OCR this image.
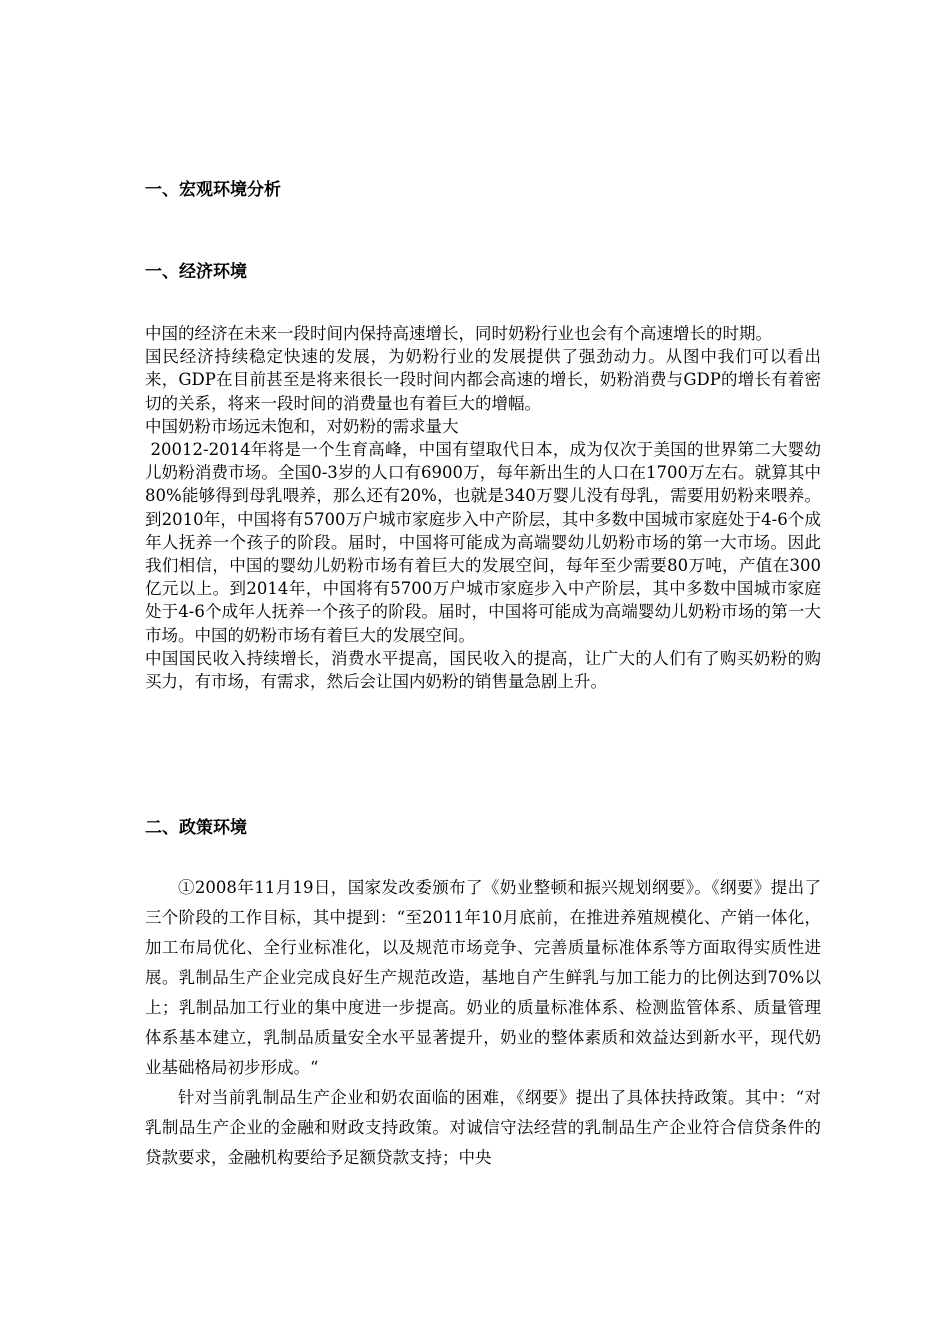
一、宏观环境分析
一、经济环境

中国的经济在未来一段时间内保持高速增长，同时奶粉行业也会有个高速增长的时期。

国民经济持续稳定快速的发展，为奶粉行业的发展提供了强劲动力。从图中我们可以看出来，GDP在目前甚至是将来很长一段时间内都会高速的增长，奶粉消费与GDP的增长有着密切的关系，将来一段时间的消费量也有着巨大的增幅。

中国奶粉市场远未饱和，对奶粉的需求量大

20012-2014年将是一个生育高峰，中国有望取代日本，成为仅次于美国的世界第二大婴幼儿奶粉消费市场。全国0-3岁的人口有6900万，每年新出生的人口在1700万左右。就算其中80%能够得到母乳喂养，那么还有20%，也就是340万婴儿没有母乳，需要用奶粉来喂养。到2010年，中国将有5700万户城市家庭步入中产阶层，其中多数中国城市家庭处于4-6个成年人抚养一个孩子的阶段。届时，中国将可能成为高端婴幼儿奶粉市场的第一大市场。因此我们相信，中国的婴幼儿奶粉市场有着巨大的发展空间，每年至少需要80万吨，产值在300亿元以上。到2014年，中国将有5700万户城市家庭步入中产阶层，其中多数中国城市家庭处于4-6个成年人抚养一个孩子的阶段。届时，中国将可能成为高端婴幼儿奶粉市场的第一大市场。中国的奶粉市场有着巨大的发展空间。

中国国民收入持续增长，消费水平提高，国民收入的提高，让广大的人们有了购买奶粉的购买力，有市场，有需求，然后会让国内奶粉的销售量急剧上升。

二、政策环境

①2008年11月19日，国家发改委颁布了《奶业整顿和振兴规划纲要》。《纲要》提出了三个阶段的工作目标，其中提到：“至2011年10月底前，在推进养殖规模化、产销一体化，加工布局优化、全行业标准化，以及规范市场竞争、完善质量标准体系等方面取得实质性进展。乳制品生产企业完成良好生产规范改造，基地自产生鲜乳与加工能力的比例达到70%以上；乳制品加工行业的集中度进一步提高。奶业的质量标准体系、检测监管体系、质量管理体系基本建立，乳制品质量安全水平显著提升，奶业的整体素质和效益达到新水平，现代奶业基础格局初步形成。“

针对当前乳制品生产企业和奶农面临的困难，《纲要》提出了具体扶持政策。其中：“对乳制品生产企业的金融和财政支持政策。对诚信守法经营的乳制品生产企业符合信贷条件的贷款要求，金融机构要给予足额贷款支持；中央
